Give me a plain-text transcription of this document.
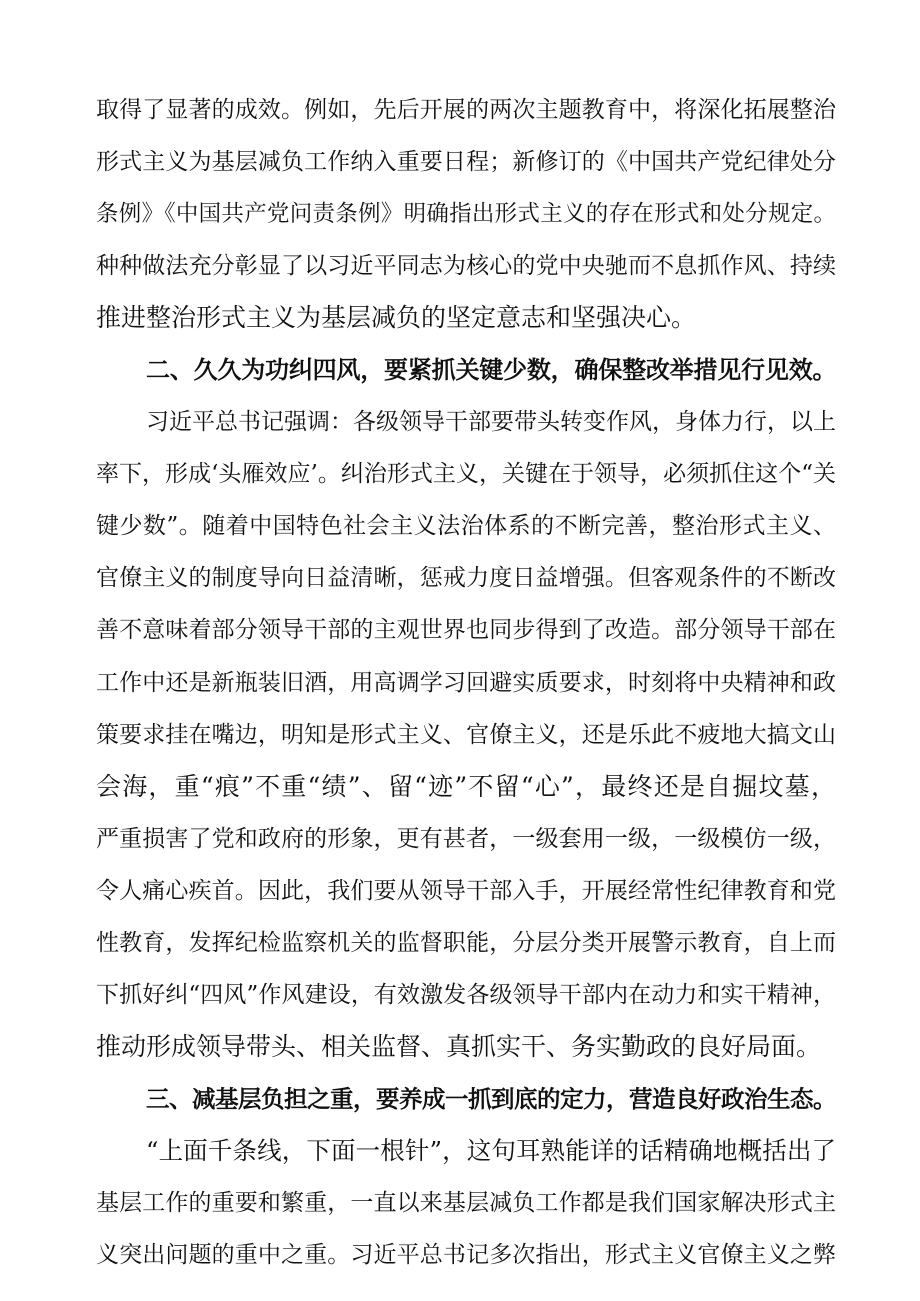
取得了显著的成效。例如，先后开展的两次主题教育中，将深化拓展整治
形式主义为基层减负工作纳入重要日程；新修订的《中国共产党纪律处分
条例》《中国共产党问责条例》明确指出形式主义的存在形式和处分规定。
种种做法充分彰显了以习近平同志为核心的党中央驰而不息抓作风、持续
推进整治形式主义为基层减负的坚定意志和坚强决心。
二、久久为功纠四风，要紧抓关键少数，确保整改举措见行见效。
习近平总书记强调：各级领导干部要带头转变作风，身体力行，以上
率下，形成‘头雁效应’。纠治形式主义，关键在于领导，必须抓住这个“关
键少数”。随着中国特色社会主义法治体系的不断完善，整治形式主义、
官僚主义的制度导向日益清晰，惩戒力度日益增强。但客观条件的不断改
善不意味着部分领导干部的主观世界也同步得到了改造。部分领导干部在
工作中还是新瓶装旧酒，用高调学习回避实质要求，时刻将中央精神和政
策要求挂在嘴边，明知是形式主义、官僚主义，还是乐此不疲地大搞文山
会海，重“痕”不重“绩”、留“迹”不留“心”，最终还是自掘坟墓，
严重损害了党和政府的形象，更有甚者，一级套用一级，一级模仿一级，
令人痛心疾首。因此，我们要从领导干部入手，开展经常性纪律教育和党
性教育，发挥纪检监察机关的监督职能，分层分类开展警示教育，自上而
下抓好纠“四风”作风建设，有效激发各级领导干部内在动力和实干精神，
推动形成领导带头、相关监督、真抓实干、务实勤政的良好局面。
三、减基层负担之重，要养成一抓到底的定力，营造良好政治生态。
“上面千条线，下面一根针”，这句耳熟能详的话精确地概括出了
基层工作的重要和繁重，一直以来基层减负工作都是我们国家解决形式主
义突出问题的重中之重。习近平总书记多次指出，形式主义官僚主义之弊
